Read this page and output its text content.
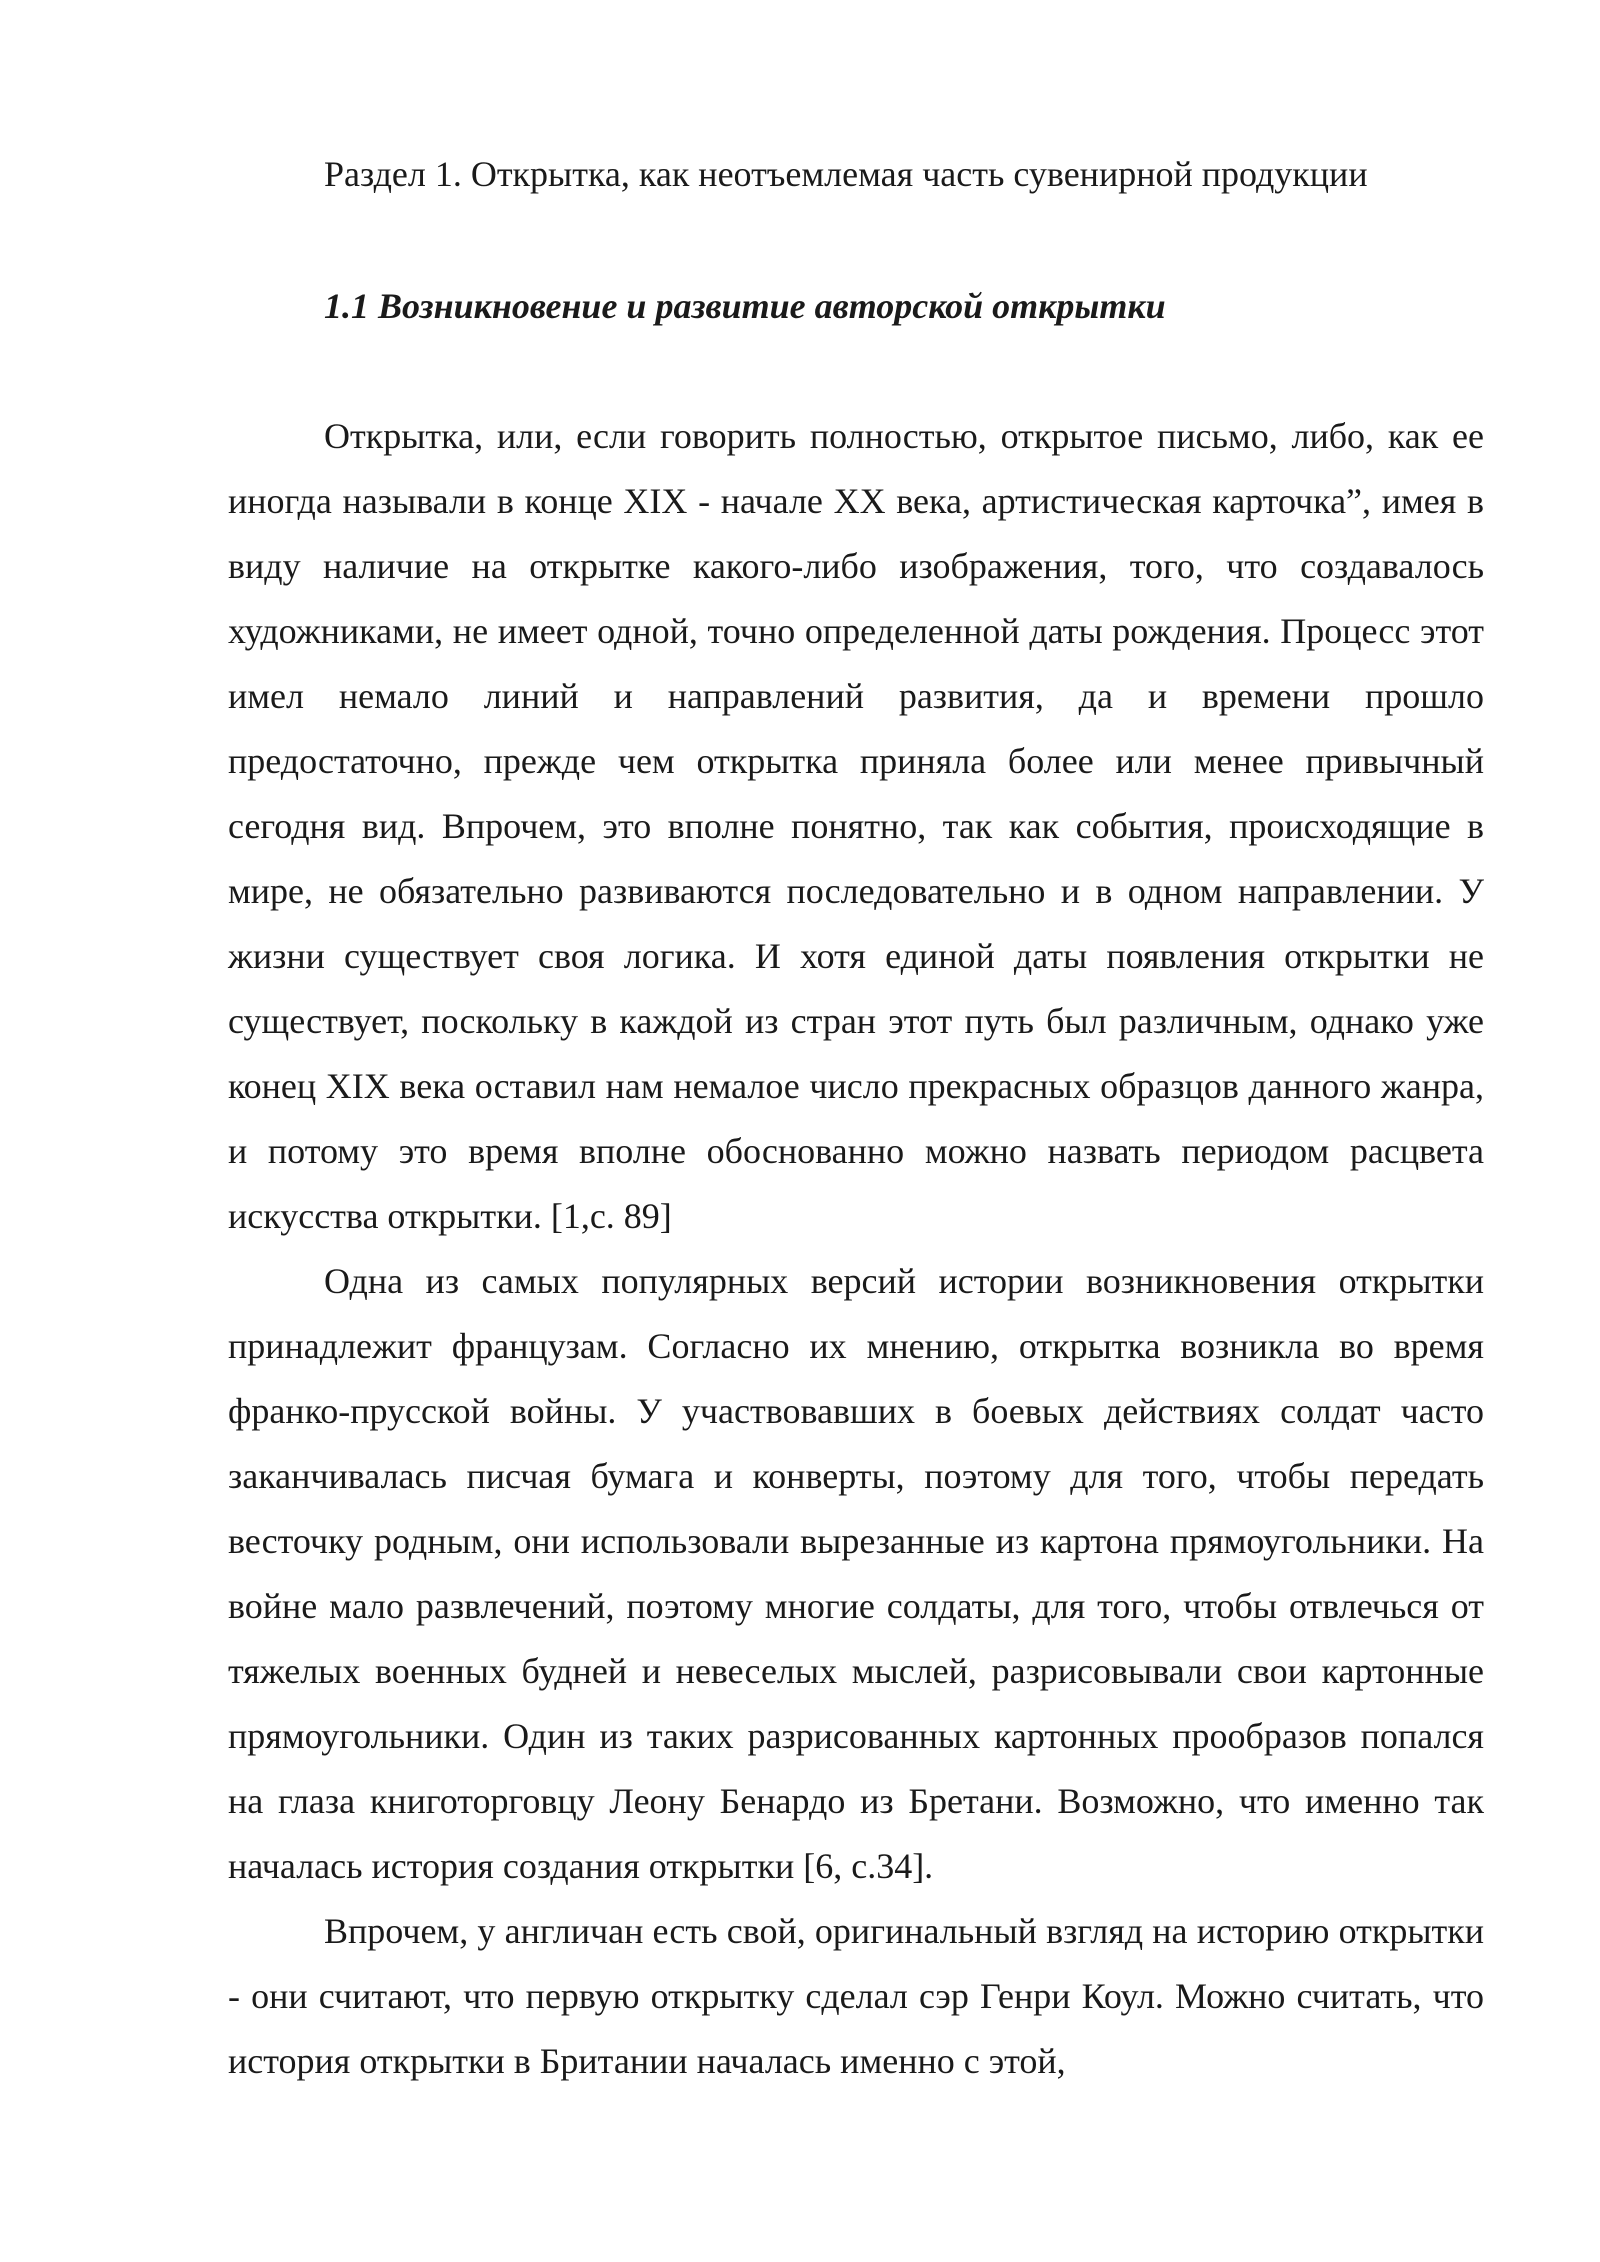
Раздел 1. Открытка, как неотъемлемая часть сувенирной продукции
1.1 Возникновение и развитие авторской открытки

Открытка, или, если говорить полностью, открытое письмо, либо, как ее иногда называли в конце XIX - начале XX века, артистическая карточка”, имея в виду наличие на открытке какого-либо изображения, того, что создавалось художниками, не имеет одной, точно определенной даты рождения. Процесс этот имел немало линий и направлений развития, да и времени прошло предостаточно, прежде чем открытка приняла более или менее привычный сегодня вид. Впрочем, это вполне понятно, так как события, происходящие в мире, не обязательно развиваются последовательно и в одном направлении. У жизни существует своя логика. И хотя единой даты появления открытки не существует, поскольку в каждой из стран этот путь был различным, однако уже конец XIX века оставил нам немалое число прекрасных образцов данного жанра, и потому это время вполне обоснованно можно назвать периодом расцвета искусства открытки. [1,с. 89]

Одна из самых популярных версий истории возникновения открытки принадлежит французам. Согласно их мнению, открытка возникла во время франко-прусской войны. У участвовавших в боевых действиях солдат часто заканчивалась писчая бумага и конверты, поэтому для того, чтобы передать весточку родным, они использовали вырезанные из картона прямоугольники. На войне мало развлечений, поэтому многие солдаты, для того, чтобы отвлечься от тяжелых военных будней и невеселых мыслей, разрисовывали свои картонные прямоугольники. Один из таких разрисованных картонных прообразов попался на глаза книготорговцу Леону Бенардо из Бретани. Возможно, что именно так началась история создания открытки [6, с.34].

Впрочем, у англичан есть свой, оригинальный взгляд на историю открытки - они считают, что первую открытку сделал сэр Генри Коул. Можно считать, что история открытки в Британии началась именно с этой,
